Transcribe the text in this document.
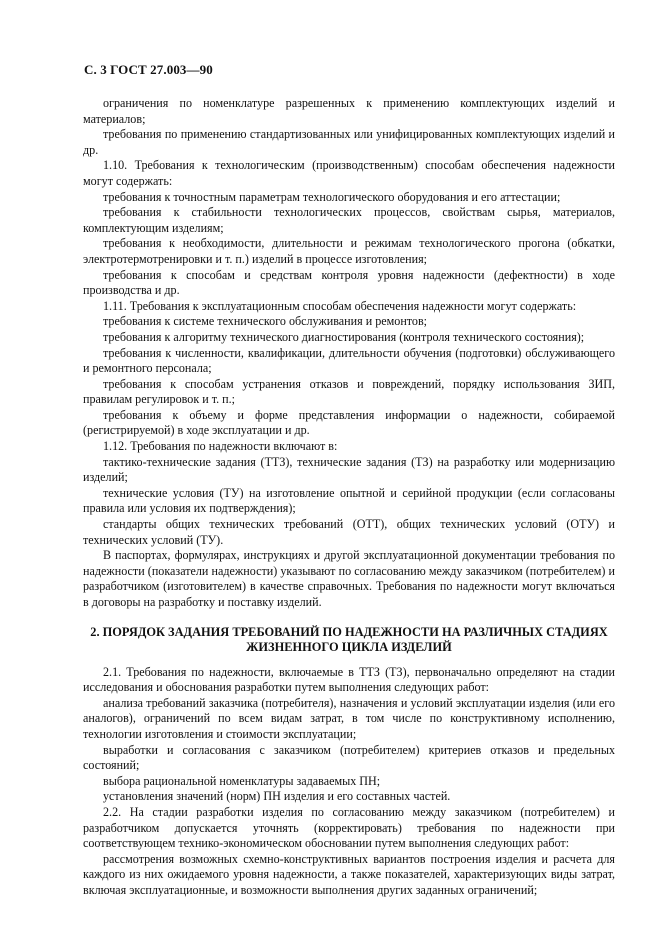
С. 3 ГОСТ 27.003—90

ограничения по номенклатуре разрешенных к применению комплектующих изделий и материалов;

требования по применению стандартизованных или унифицированных комплектующих изделий и др.

1.10. Требования к технологическим (производственным) способам обеспечения надежности могут содержать:

требования к точностным параметрам технологического оборудования и его аттестации;

требования к стабильности технологических процессов, свойствам сырья, материалов, комплектующим изделиям;

требования к необходимости, длительности и режимам технологического прогона (обкатки, электротермотренировки и т. п.) изделий в процессе изготовления;

требования к способам и средствам контроля уровня надежности (дефектности) в ходе производства и др.

1.11. Требования к эксплуатационным способам обеспечения надежности могут содержать:

требования к системе технического обслуживания и ремонтов;

требования к алгоритму технического диагностирования (контроля технического состояния);

требования к численности, квалификации, длительности обучения (подготовки) обслуживающего и ремонтного персонала;

требования к способам устранения отказов и повреждений, порядку использования ЗИП, правилам регулировок и т. п.;

требования к объему и форме представления информации о надежности, собираемой (регистрируемой) в ходе эксплуатации и др.

1.12. Требования по надежности включают в:

тактико-технические задания (ТТЗ), технические задания (ТЗ) на разработку или модернизацию изделий;

технические условия (ТУ) на изготовление опытной и серийной продукции (если согласованы правила или условия их подтверждения);

стандарты общих технических требований (ОТТ), общих технических условий (ОТУ) и технических условий (ТУ).

В паспортах, формулярах, инструкциях и другой эксплуатационной документации требования по надежности (показатели надежности) указывают по согласованию между заказчиком (потребителем) и разработчиком (изготовителем) в качестве справочных. Требования по надежности могут включаться в договоры на разработку и поставку изделий.

2. ПОРЯДОК ЗАДАНИЯ ТРЕБОВАНИЙ ПО НАДЕЖНОСТИ НА РАЗЛИЧНЫХ СТАДИЯХ ЖИЗНЕННОГО ЦИКЛА ИЗДЕЛИЙ

2.1. Требования по надежности, включаемые в ТТЗ (ТЗ), первоначально определяют на стадии исследования и обоснования разработки путем выполнения следующих работ:

анализа требований заказчика (потребителя), назначения и условий эксплуатации изделия (или его аналогов), ограничений по всем видам затрат, в том числе по конструктивному исполнению, технологии изготовления и стоимости эксплуатации;

выработки и согласования с заказчиком (потребителем) критериев отказов и предельных состояний;

выбора рациональной номенклатуры задаваемых ПН;

установления значений (норм) ПН изделия и его составных частей.

2.2. На стадии разработки изделия по согласованию между заказчиком (потребителем) и разработчиком допускается уточнять (корректировать) требования по надежности при соответствующем технико-экономическом обосновании путем выполнения следующих работ:

рассмотрения возможных схемно-конструктивных вариантов построения изделия и расчета для каждого из них ожидаемого уровня надежности, а также показателей, характеризующих виды затрат, включая эксплуатационные, и возможности выполнения других заданных ограничений;
